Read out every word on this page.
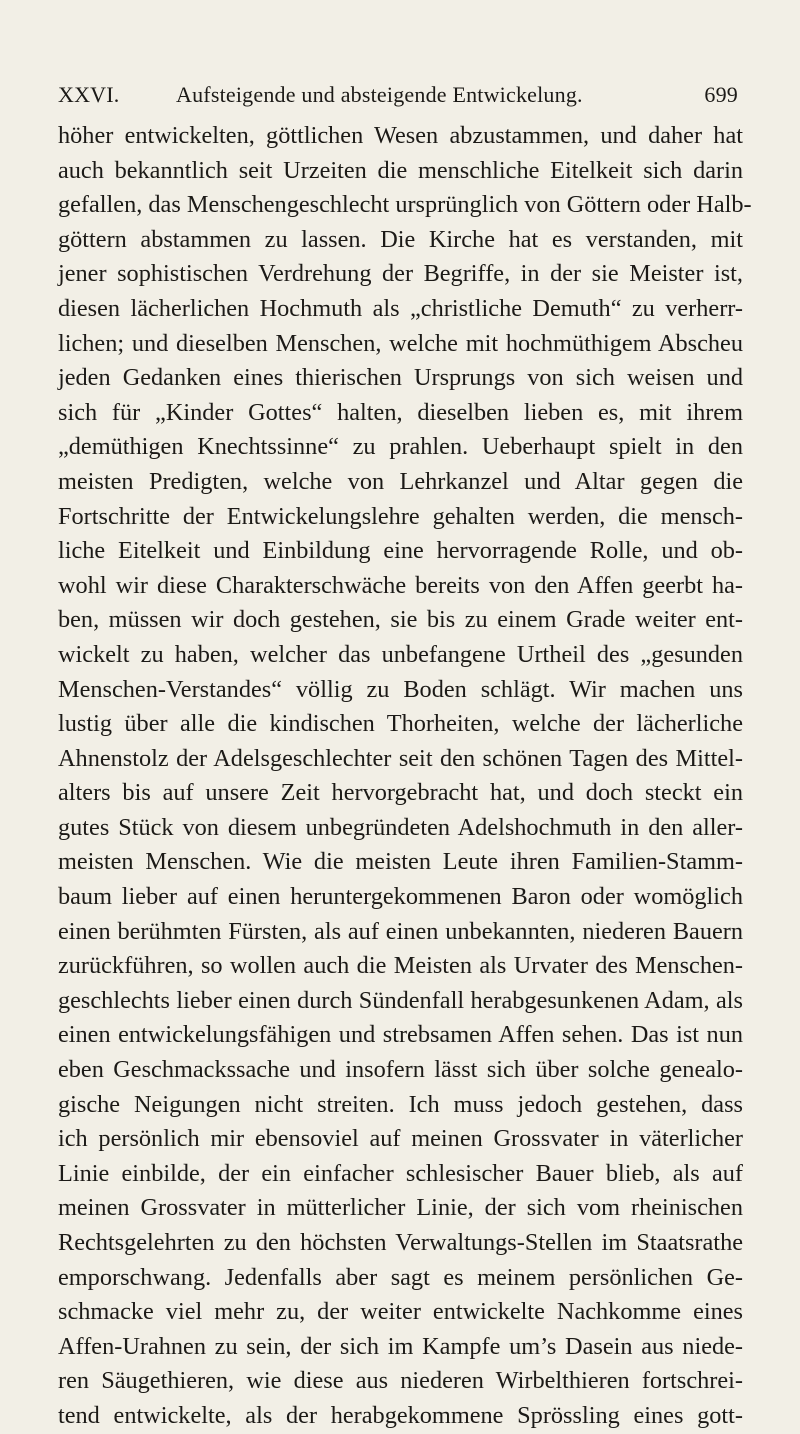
XXVI.	Aufsteigende und absteigende Entwickelung.	699
höher entwickelten, göttlichen Wesen abzustammen, und daher hat
auch bekanntlich seit Urzeiten die menschliche Eitelkeit sich darin
gefallen, das Menschengeschlecht ursprünglich von Göttern oder Halb-
göttern abstammen zu lassen. Die Kirche hat es verstanden, mit
jener sophistischen Verdrehung der Begriffe, in der sie Meister ist,
diesen lächerlichen Hochmuth als „christliche Demuth“ zu verherr-
lichen; und dieselben Menschen, welche mit hochmüthigem Abscheu
jeden Gedanken eines thierischen Ursprungs von sich weisen und
sich für „Kinder Gottes“ halten, dieselben lieben es, mit ihrem
„demüthigen Knechtssinne“ zu prahlen. Ueberhaupt spielt in den
meisten Predigten, welche von Lehrkanzel und Altar gegen die
Fortschritte der Entwickelungslehre gehalten werden, die mensch-
liche Eitelkeit und Einbildung eine hervorragende Rolle, und ob-
wohl wir diese Charakterschwäche bereits von den Affen geerbt ha-
ben, müssen wir doch gestehen, sie bis zu einem Grade weiter ent-
wickelt zu haben, welcher das unbefangene Urtheil des „gesunden
Menschen-Verstandes“ völlig zu Boden schlägt. Wir machen uns
lustig über alle die kindischen Thorheiten, welche der lächerliche
Ahnenstolz der Adelsgeschlechter seit den schönen Tagen des Mittel-
alters bis auf unsere Zeit hervorgebracht hat, und doch steckt ein
gutes Stück von diesem unbegründeten Adelshochmuth in den aller-
meisten Menschen. Wie die meisten Leute ihren Familien-Stamm-
baum lieber auf einen heruntergekommenen Baron oder womöglich
einen berühmten Fürsten, als auf einen unbekannten, niederen Bauern
zurückführen, so wollen auch die Meisten als Urvater des Menschen-
geschlechts lieber einen durch Sündenfall herabgesunkenen Adam, als
einen entwickelungsfähigen und strebsamen Affen sehen. Das ist nun
eben Geschmackssache und insofern lässt sich über solche genealo-
gische Neigungen nicht streiten. Ich muss jedoch gestehen, dass
ich persönlich mir ebensoviel auf meinen Grossvater in väterlicher
Linie einbilde, der ein einfacher schlesischer Bauer blieb, als auf
meinen Grossvater in mütterlicher Linie, der sich vom rheinischen
Rechtsgelehrten zu den höchsten Verwaltungs-Stellen im Staatsrathe
emporschwang. Jedenfalls aber sagt es meinem persönlichen Ge-
schmacke viel mehr zu, der weiter entwickelte Nachkomme eines
Affen-Urahnen zu sein, der sich im Kampfe um’s Dasein aus niede-
ren Säugethieren, wie diese aus niederen Wirbelthieren fortschrei-
tend entwickelte, als der herabgekommene Sprössling eines gott-
